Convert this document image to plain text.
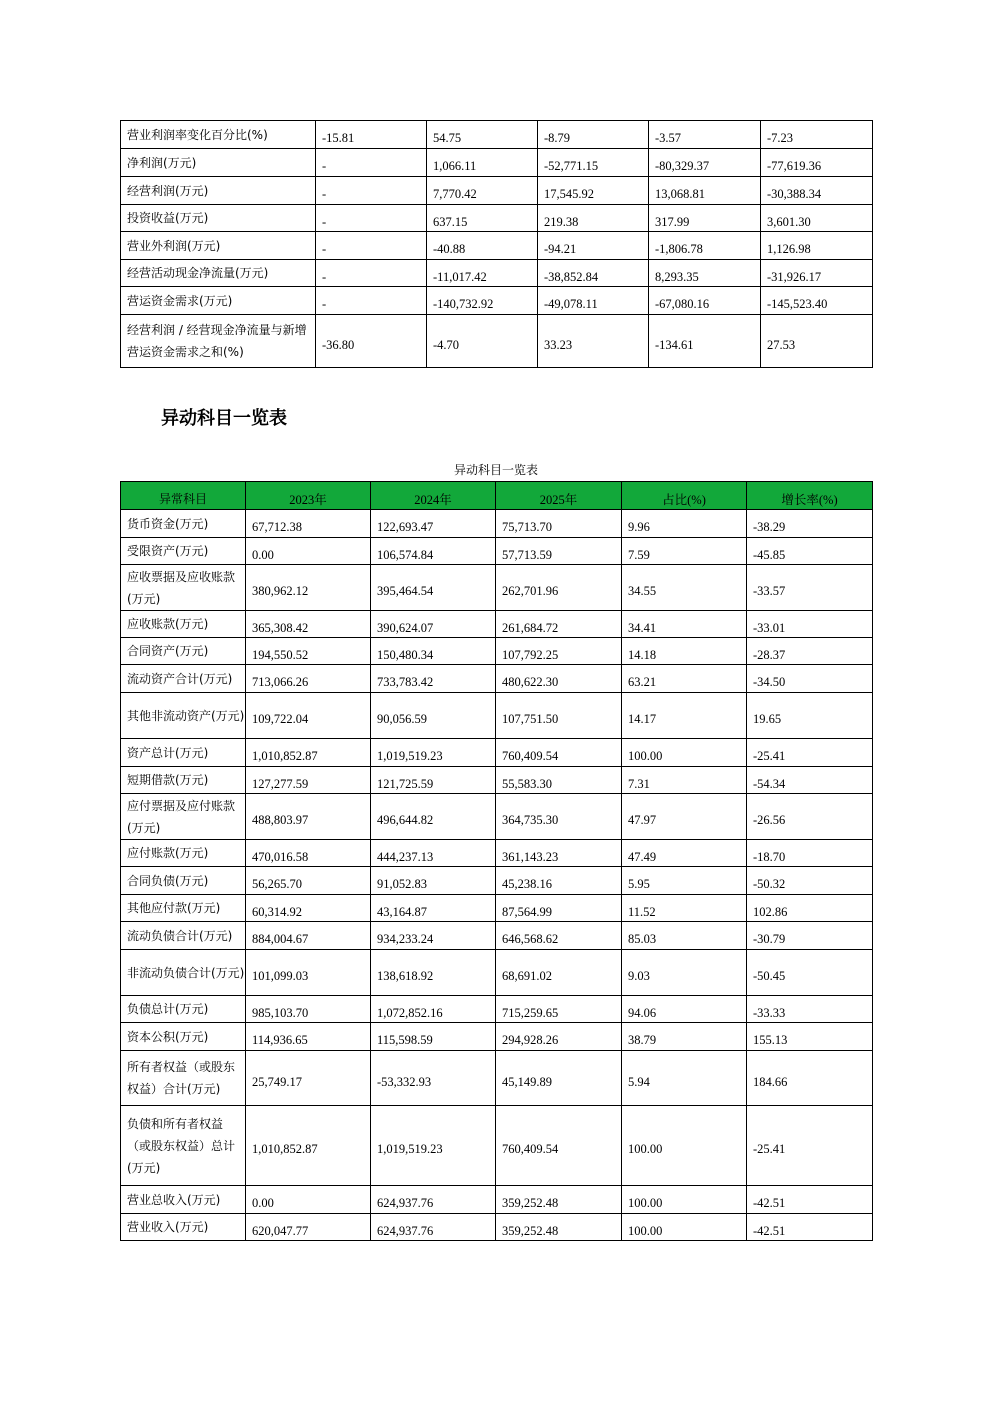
营业利润率变化百分比(%)	-15.81	54.75	-8.79	-3.57	-7.23
净利润(万元)	-	1,066.11	-52,771.15	-80,329.37	-77,619.36
经营利润(万元)	-	7,770.42	17,545.92	13,068.81	-30,388.34
投资收益(万元)	-	637.15	219.38	317.99	3,601.30
营业外利润(万元)	-	-40.88	-94.21	-1,806.78	1,126.98
经营活动现金净流量(万元)	-	-11,017.42	-38,852.84	8,293.35	-31,926.17
营运资金需求(万元)	-	-140,732.92	-49,078.11	-67,080.16	-145,523.40
经营利润 / 经营现金净流量与新增营运资金需求之和(%)	-36.80	-4.70	33.23	-134.61	27.53
异动科目一览表
异动科目一览表
异常科目	2023年	2024年	2025年	占比(%)	增长率(%)
货币资金(万元)	67,712.38	122,693.47	75,713.70	9.96	-38.29
受限资产(万元)	0.00	106,574.84	57,713.59	7.59	-45.85
应收票据及应收账款(万元)	380,962.12	395,464.54	262,701.96	34.55	-33.57
应收账款(万元)	365,308.42	390,624.07	261,684.72	34.41	-33.01
合同资产(万元)	194,550.52	150,480.34	107,792.25	14.18	-28.37
流动资产合计(万元)	713,066.26	733,783.42	480,622.30	63.21	-34.50
其他非流动资产(万元)	109,722.04	90,056.59	107,751.50	14.17	19.65
资产总计(万元)	1,010,852.87	1,019,519.23	760,409.54	100.00	-25.41
短期借款(万元)	127,277.59	121,725.59	55,583.30	7.31	-54.34
应付票据及应付账款(万元)	488,803.97	496,644.82	364,735.30	47.97	-26.56
应付账款(万元)	470,016.58	444,237.13	361,143.23	47.49	-18.70
合同负债(万元)	56,265.70	91,052.83	45,238.16	5.95	-50.32
其他应付款(万元)	60,314.92	43,164.87	87,564.99	11.52	102.86
流动负债合计(万元)	884,004.67	934,233.24	646,568.62	85.03	-30.79
非流动负债合计(万元)	101,099.03	138,618.92	68,691.02	9.03	-50.45
负债总计(万元)	985,103.70	1,072,852.16	715,259.65	94.06	-33.33
资本公积(万元)	114,936.65	115,598.59	294,928.26	38.79	155.13
所有者权益（或股东权益）合计(万元)	25,749.17	-53,332.93	45,149.89	5.94	184.66
负债和所有者权益（或股东权益）总计(万元)	1,010,852.87	1,019,519.23	760,409.54	100.00	-25.41
营业总收入(万元)	0.00	624,937.76	359,252.48	100.00	-42.51
营业收入(万元)	620,047.77	624,937.76	359,252.48	100.00	-42.51
